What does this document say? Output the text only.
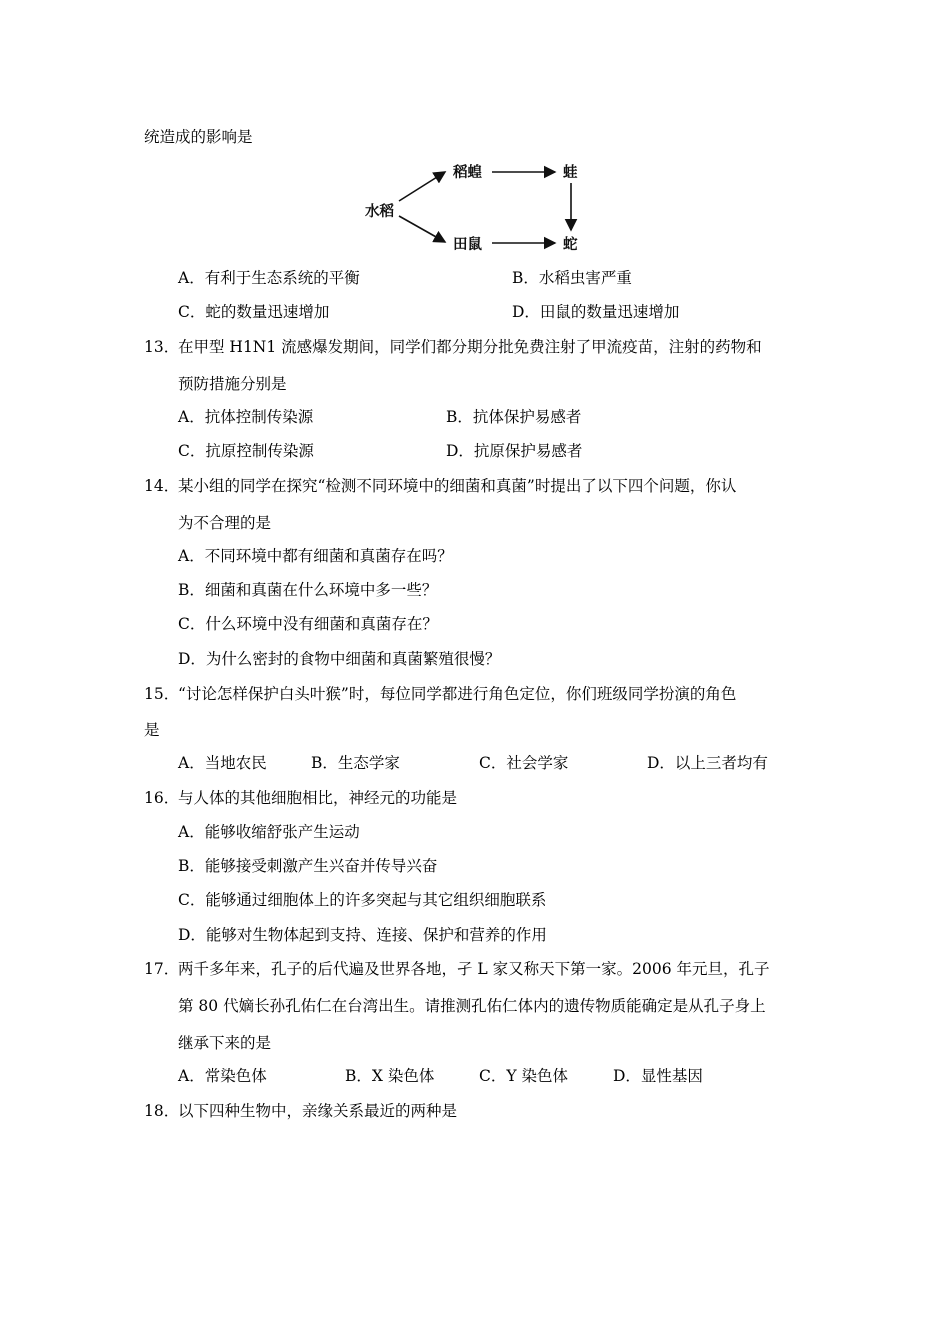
统造成的影响是
水稻
稻蝗	蛙
田鼠	蛇
A．有利于生态系统的平衡	B．水稻虫害严重
C．蛇的数量迅速增加	D．田鼠的数量迅速增加
13．
在甲型 H1N1 流感爆发期间，同学们都分期分批免费注射了甲流疫苗，注射的药物和
预防措施分别是
A．抗体控制传染源	B．抗体保护易感者
C．抗原控制传染源	D．抗原保护易感者
14．
某小组的同学在探究“检测不同环境中的细菌和真菌”时提出了以下四个问题，你认
为不合理的是
A．不同环境中都有细菌和真菌存在吗？
B．细菌和真菌在什么环境中多一些？
C．什么环境中没有细菌和真菌存在？
D．为什么密封的食物中细菌和真菌繁殖很慢？
15．
“讨论怎样保护白头叶猴”时，每位同学都进行角色定位，你们班级同学扮演的角色
是
A．当地农民	B．生态学家	C．社会学家	D．以上三者均有
16．
与人体的其他细胞相比，神经元的功能是
A．能够收缩舒张产生运动
B．能够接受刺激产生兴奋并传导兴奋
C．能够通过细胞体上的许多突起与其它组织细胞联系
D．能够对生物体起到支持、连接、保护和营养的作用
17．
两千多年来，孔子的后代遍及世界各地，孑 L 家又称天下第一家。2006 年元旦，孔子
第 80 代嫡长孙孔佑仁在台湾出生。请推测孔佑仁体内的遗传物质能确定是从孔子身上
继承下来的是
A．常染色体	B．X 染色体	C．Y 染色体	D．显性基因
18．
以下四种生物中，亲缘关系最近的两种是
